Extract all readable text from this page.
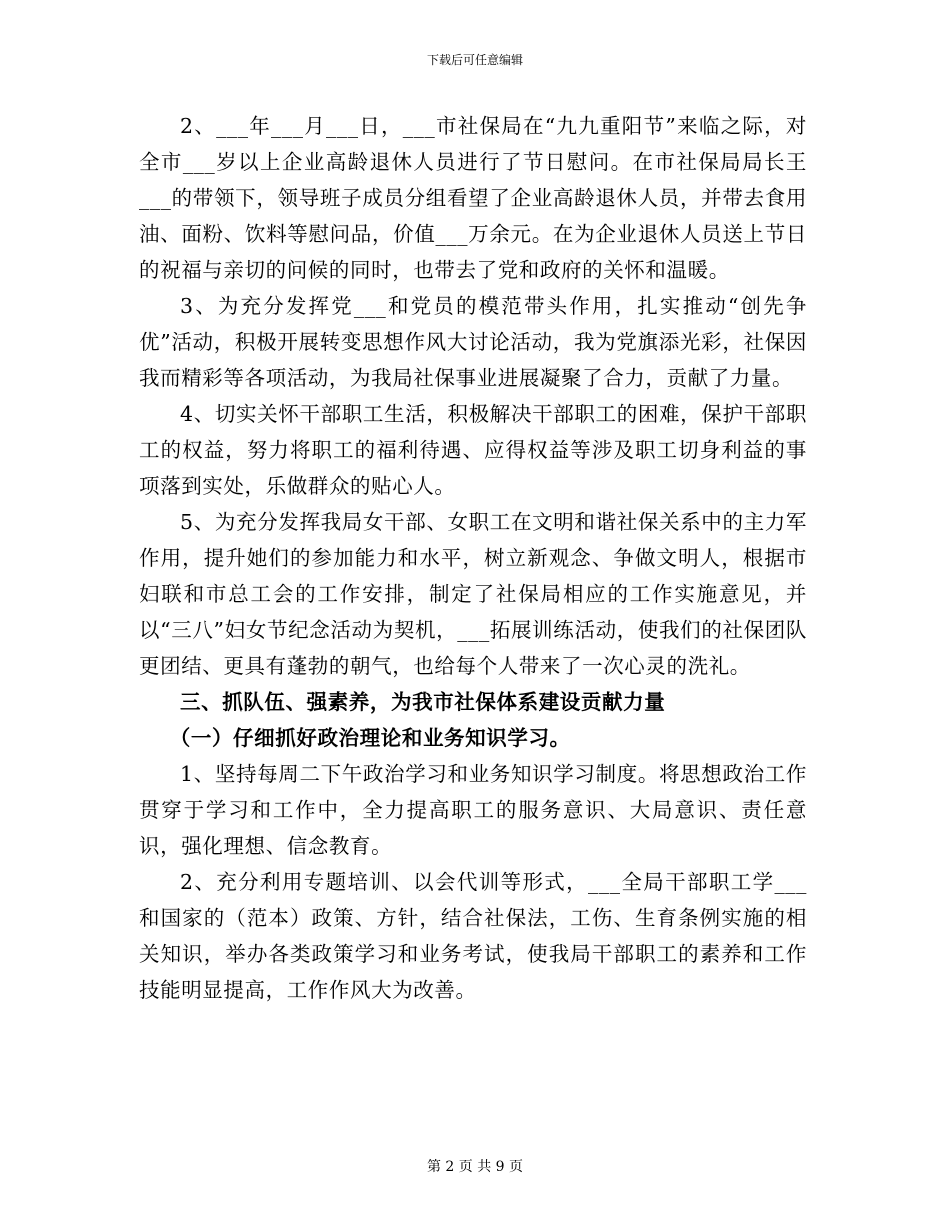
下载后可任意编辑

2、___年___月___日，___市社保局在“九九重阳节”来临之际，对全市___岁以上企业高龄退休人员进行了节日慰问。在市社保局局长王___的带领下，领导班子成员分组看望了企业高龄退休人员，并带去食用油、面粉、饮料等慰问品，价值___万余元。在为企业退休人员送上节日的祝福与亲切的问候的同时，也带去了党和政府的关怀和温暖。

3、为充分发挥党___和党员的模范带头作用，扎实推动“创先争优”活动，积极开展转变思想作风大讨论活动，我为党旗添光彩，社保因我而精彩等各项活动，为我局社保事业进展凝聚了合力，贡献了力量。

4、切实关怀干部职工生活，积极解决干部职工的困难，保护干部职工的权益，努力将职工的福利待遇、应得权益等涉及职工切身利益的事项落到实处，乐做群众的贴心人。

5、为充分发挥我局女干部、女职工在文明和谐社保关系中的主力军作用，提升她们的参加能力和水平，树立新观念、争做文明人，根据市妇联和市总工会的工作安排，制定了社保局相应的工作实施意见，并以“三八”妇女节纪念活动为契机，___拓展训练活动，使我们的社保团队更团结、更具有蓬勃的朝气，也给每个人带来了一次心灵的洗礼。

三、抓队伍、强素养，为我市社保体系建设贡献力量

（一）仔细抓好政治理论和业务知识学习。

1、坚持每周二下午政治学习和业务知识学习制度。将思想政治工作贯穿于学习和工作中，全力提高职工的服务意识、大局意识、责任意识，强化理想、信念教育。

2、充分利用专题培训、以会代训等形式，___全局干部职工学___和国家的（范本）政策、方针，结合社保法，工伤、生育条例实施的相关知识，举办各类政策学习和业务考试，使我局干部职工的素养和工作技能明显提高，工作作风大为改善。

第 2 页 共 9 页
